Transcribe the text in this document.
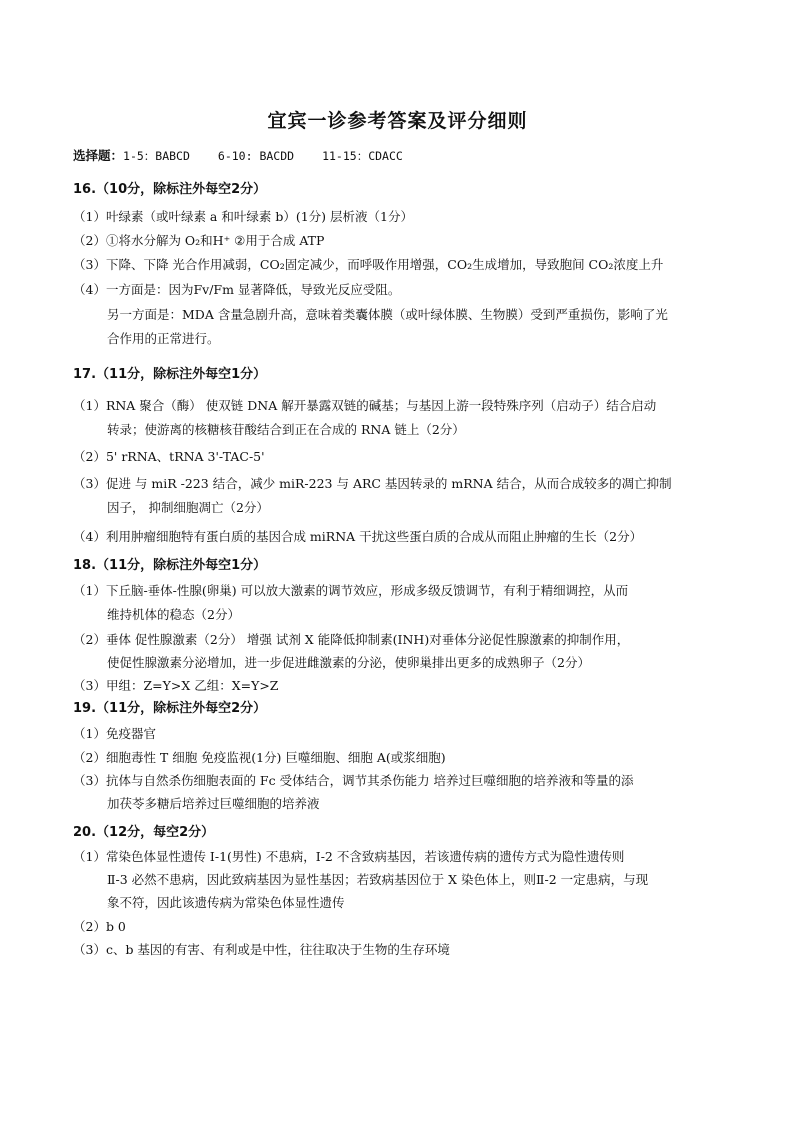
宜宾一诊参考答案及评分细则
选择题：1-5：BABCD 6-10: BACDD 11-15：CDACC
16.（10分，除标注外每空2分）
（1）叶绿素（或叶绿素 a 和叶绿素 b）(1分) 层析液（1分）
（2）①将水分解为 O₂和H⁺ ②用于合成 ATP
（3）下降、下降 光合作用减弱，CO₂固定减少，而呼吸作用增强，CO₂生成增加，导致胞间 CO₂浓度上升
（4）一方面是：因为Fv/Fm 显著降低，导致光反应受阻。
另一方面是：MDA 含量急剧升高，意味着类囊体膜（或叶绿体膜、生物膜）受到严重损伤，影响了光
合作用的正常进行。
17.（11分，除标注外每空1分）
（1）RNA 聚合（酶） 使双链 DNA 解开暴露双链的碱基；与基因上游一段特殊序列（启动子）结合启动
转录；使游离的核糖核苷酸结合到正在合成的 RNA 链上（2分）
（2）5' rRNA、tRNA 3'-TAC-5'
（3）促进 与 miR -223 结合，减少 miR-223 与 ARC 基因转录的 mRNA 结合，从而合成较多的凋亡抑制
因子， 抑制细胞凋亡（2分）
（4）利用肿瘤细胞特有蛋白质的基因合成 miRNA 干扰这些蛋白质的合成从而阻止肿瘤的生长（2分）
18.（11分，除标注外每空1分）
（1）下丘脑-垂体-性腺(卵巢) 可以放大激素的调节效应，形成多级反馈调节，有利于精细调控，从而
维持机体的稳态（2分）
（2）垂体 促性腺激素（2分） 增强 试剂 X 能降低抑制素(INH)对垂体分泌促性腺激素的抑制作用，
使促性腺激素分泌增加，进一步促进雌激素的分泌，使卵巢排出更多的成熟卵子（2分）
（3）甲组：Z=Y>X 乙组：X=Y>Z
19.（11分，除标注外每空2分）
（1）免疫器官
（2）细胞毒性 T 细胞 免疫监视(1分) 巨噬细胞、细胞 A(或浆细胞)
（3）抗体与自然杀伤细胞表面的 Fc 受体结合，调节其杀伤能力 培养过巨噬细胞的培养液和等量的添
加茯苓多糖后培养过巨噬细胞的培养液
20.（12分，每空2分）
（1）常染色体显性遗传 I-1(男性) 不患病，I-2 不含致病基因，若该遗传病的遗传方式为隐性遗传则
Ⅱ-3 必然不患病，因此致病基因为显性基因；若致病基因位于 X 染色体上，则Ⅱ-2 一定患病，与现
象不符，因此该遗传病为常染色体显性遗传
（2）b 0
（3）c、b 基因的有害、有利或是中性，往往取决于生物的生存环境
